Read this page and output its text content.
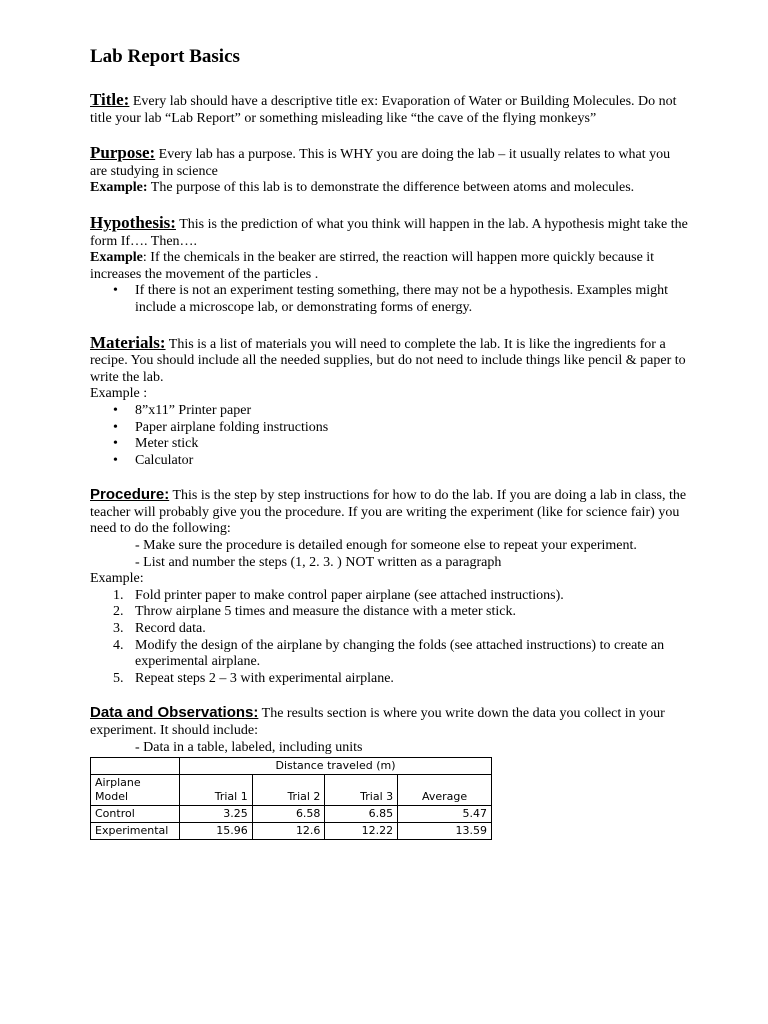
Lab Report Basics

Title: Every lab should have a descriptive title ex: Evaporation of Water or Building Molecules. Do not title your lab “Lab Report” or something misleading like “the cave of the flying monkeys”

Purpose: Every lab has a purpose. This is WHY you are doing the lab – it usually relates to what you are studying in science

Example: The purpose of this lab is to demonstrate the difference between atoms and molecules.

Hypothesis: This is the prediction of what you think will happen in the lab. A hypothesis might take the form If…. Then….

Example: If the chemicals in the beaker are stirred, the reaction will happen more quickly because it increases the movement of the particles .

• If there is not an experiment testing something, there may not be a hypothesis. Examples might include a microscope lab, or demonstrating forms of energy.

Materials: This is a list of materials you will need to complete the lab. It is like the ingredients for a recipe. You should include all the needed supplies, but do not need to include things like pencil & paper to write the lab.

Example :

• 8”x11” Printer paper
• Paper airplane folding instructions
• Meter stick
• Calculator

Procedure: This is the step by step instructions for how to do the lab. If you are doing a lab in class, the teacher will probably give you the procedure. If you are writing the experiment (like for science fair) you need to do the following:

- Make sure the procedure is detailed enough for someone else to repeat your experiment.

- List and number the steps (1, 2. 3. ) NOT written as a paragraph

Example:

1. Fold printer paper to make control paper airplane (see attached instructions).
2. Throw airplane 5 times and measure the distance with a meter stick.
3. Record data.
4. Modify the design of the airplane by changing the folds (see attached instructions) to create an experimental airplane.
5. Repeat steps 2 – 3 with experimental airplane.

Data and Observations: The results section is where you write down the data you collect in your experiment. It should include:

- Data in a table, labeled, including units

	Distance traveled (m)			
Airplane
Model	Trial 1	Trial 2	Trial 3	Average
Control	3.25	6.58	6.85	5.47
Experimental	15.96	12.6	12.22	13.59
